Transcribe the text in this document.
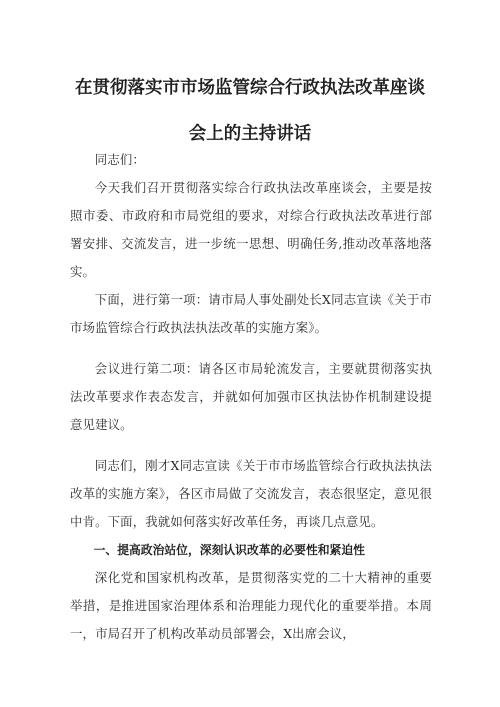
在贯彻落实市市场监管综合行政执法改革座谈
会上的主持讲话

同志们：

今天我们召开贯彻落实综合行政执法改革座谈会，主要是按照市委、市政府和市局党组的要求，对综合行政执法改革进行部署安排、交流发言，进一步统一思想、明确任务,推动改革落地落实。

下面，进行第一项：请市局人事处副处长X同志宣读《关于市市场监管综合行政执法执法改革的实施方案》。

会议进行第二项：请各区市局轮流发言，主要就贯彻落实执法改革要求作表态发言，并就如何加强市区执法协作机制建设提意见建议。

同志们，刚才X同志宣读《关于市市场监管综合行政执法执法改革的实施方案》，各区市局做了交流发言，表态很坚定，意见很中肯。下面，我就如何落实好改革任务，再谈几点意见。

一、提高政治站位，深刻认识改革的必要性和紧迫性

深化党和国家机构改革，是贯彻落实党的二十大精神的重要举措，是推进国家治理体系和治理能力现代化的重要举措。本周一，市局召开了机构改革动员部署会，X出席会议，
